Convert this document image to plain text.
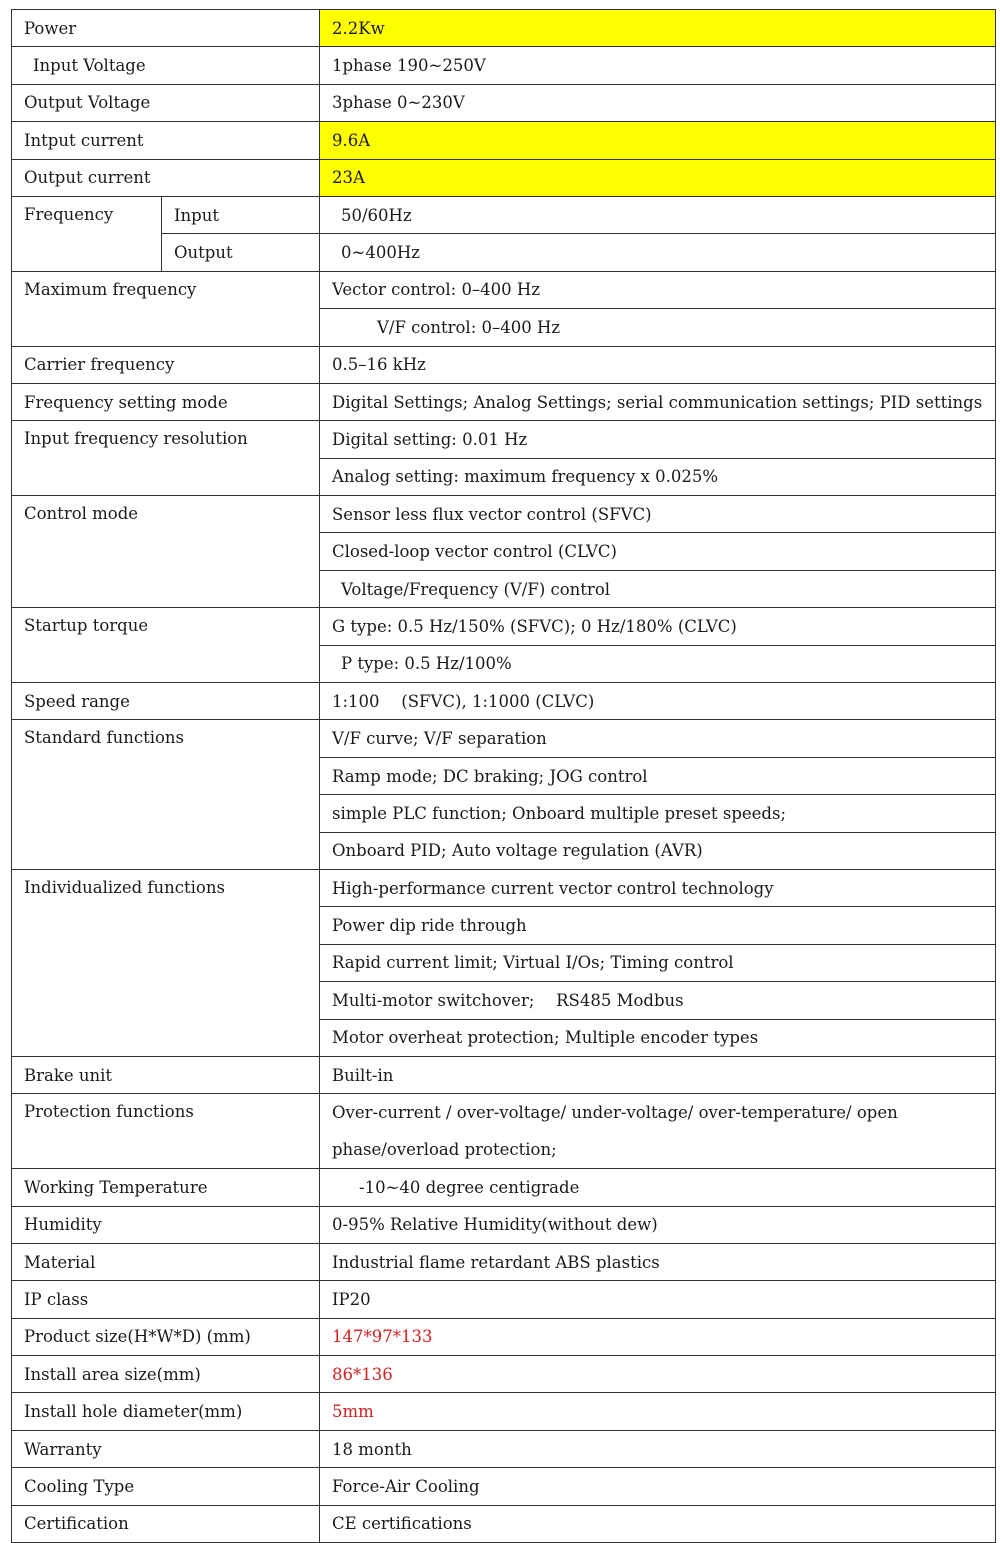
Power		2.2Kw
Input Voltage		1phase 190~250V
Output Voltage		3phase 0~230V
Intput current		9.6A
Output current		23A
Frequency	Input	50/60Hz
	Output	0~400Hz
Maximum frequency		Vector control: 0–400 Hz
		V/F control: 0–400 Hz
Carrier frequency		0.5–16 kHz
Frequency setting mode		Digital Settings; Analog Settings; serial communication settings; PID settings
Input frequency resolution		Digital setting: 0.01 Hz
		Analog setting: maximum frequency x 0.025%
Control mode		Sensor less flux vector control (SFVC)
		Closed-loop vector control (CLVC)
		Voltage/Frequency (V/F) control
Startup torque		G type: 0.5 Hz/150% (SFVC); 0 Hz/180% (CLVC)
		P type: 0.5 Hz/100%
Speed range		1:100  (SFVC), 1:1000 (CLVC)
Standard functions		V/F curve; V/F separation
		Ramp mode; DC braking; JOG control
		simple PLC function; Onboard multiple preset speeds;
		Onboard PID; Auto voltage regulation (AVR)
Individualized functions		High-performance current vector control technology
		Power dip ride through
		Rapid current limit; Virtual I/Os; Timing control
		Multi-motor switchover;  RS485 Modbus
		Motor overheat protection; Multiple encoder types
Brake unit		Built-in
Protection functions		Over-current / over-voltage/ under-voltage/ over-temperature/ open
		phase/overload protection;
Working Temperature		-10~40 degree centigrade
Humidity		0-95% Relative Humidity(without dew)
Material		Industrial flame retardant ABS plastics
IP class		IP20
Product size(H*W*D) (mm)		147*97*133
Install area size(mm)		86*136
Install hole diameter(mm)		5mm
Warranty		18 month
Cooling Type		Force-Air Cooling
Certification		CE certifications
